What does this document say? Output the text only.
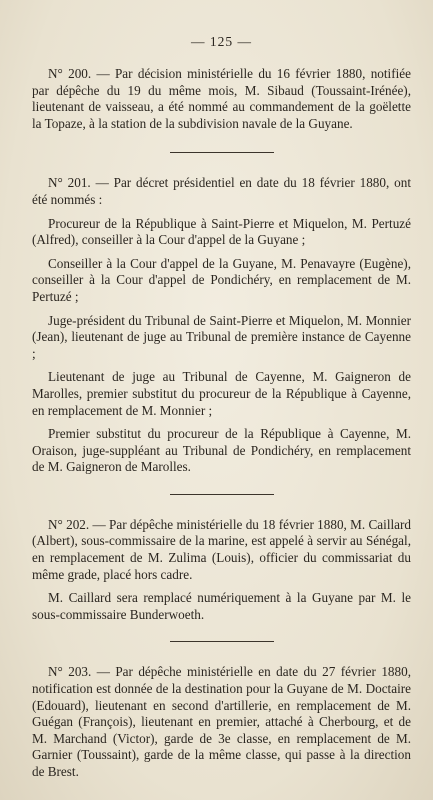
— 125 —

N° 200. — Par décision ministérielle du 16 février 1880, notifiée par dépêche du 19 du même mois, M. Sibaud (Toussaint-Irénée), lieutenant de vaisseau, a été nommé au commandement de la goëlette la Topaze, à la station de la subdivision navale de la Guyane.

N° 201. — Par décret présidentiel en date du 18 février 1880, ont été nommés :

Procureur de la République à Saint-Pierre et Miquelon, M. Pertuzé (Alfred), conseiller à la Cour d'appel de la Guyane ;

Conseiller à la Cour d'appel de la Guyane, M. Penavayre (Eugène), conseiller à la Cour d'appel de Pondichéry, en remplacement de M. Pertuzé ;

Juge-président du Tribunal de Saint-Pierre et Miquelon, M. Monnier (Jean), lieutenant de juge au Tribunal de première instance de Cayenne ;

Lieutenant de juge au Tribunal de Cayenne, M. Gaigneron de Marolles, premier substitut du procureur de la République à Cayenne, en remplacement de M. Monnier ;

Premier substitut du procureur de la République à Cayenne, M. Oraison, juge-suppléant au Tribunal de Pondichéry, en remplacement de M. Gaigneron de Marolles.

N° 202. — Par dépêche ministérielle du 18 février 1880, M. Caillard (Albert), sous-commissaire de la marine, est appelé à servir au Sénégal, en remplacement de M. Zulima (Louis), officier du commissariat du même grade, placé hors cadre.

M. Caillard sera remplacé numériquement à la Guyane par M. le sous-commissaire Bunderwoeth.

N° 203. — Par dépêche ministérielle en date du 27 février 1880, notification est donnée de la destination pour la Guyane de M. Doctaire (Edouard), lieutenant en second d'artillerie, en remplacement de M. Guégan (François), lieutenant en premier, attaché à Cherbourg, et de M. Marchand (Victor), garde de 3e classe, en remplacement de M. Garnier (Toussaint), garde de la même classe, qui passe à la direction de Brest.
